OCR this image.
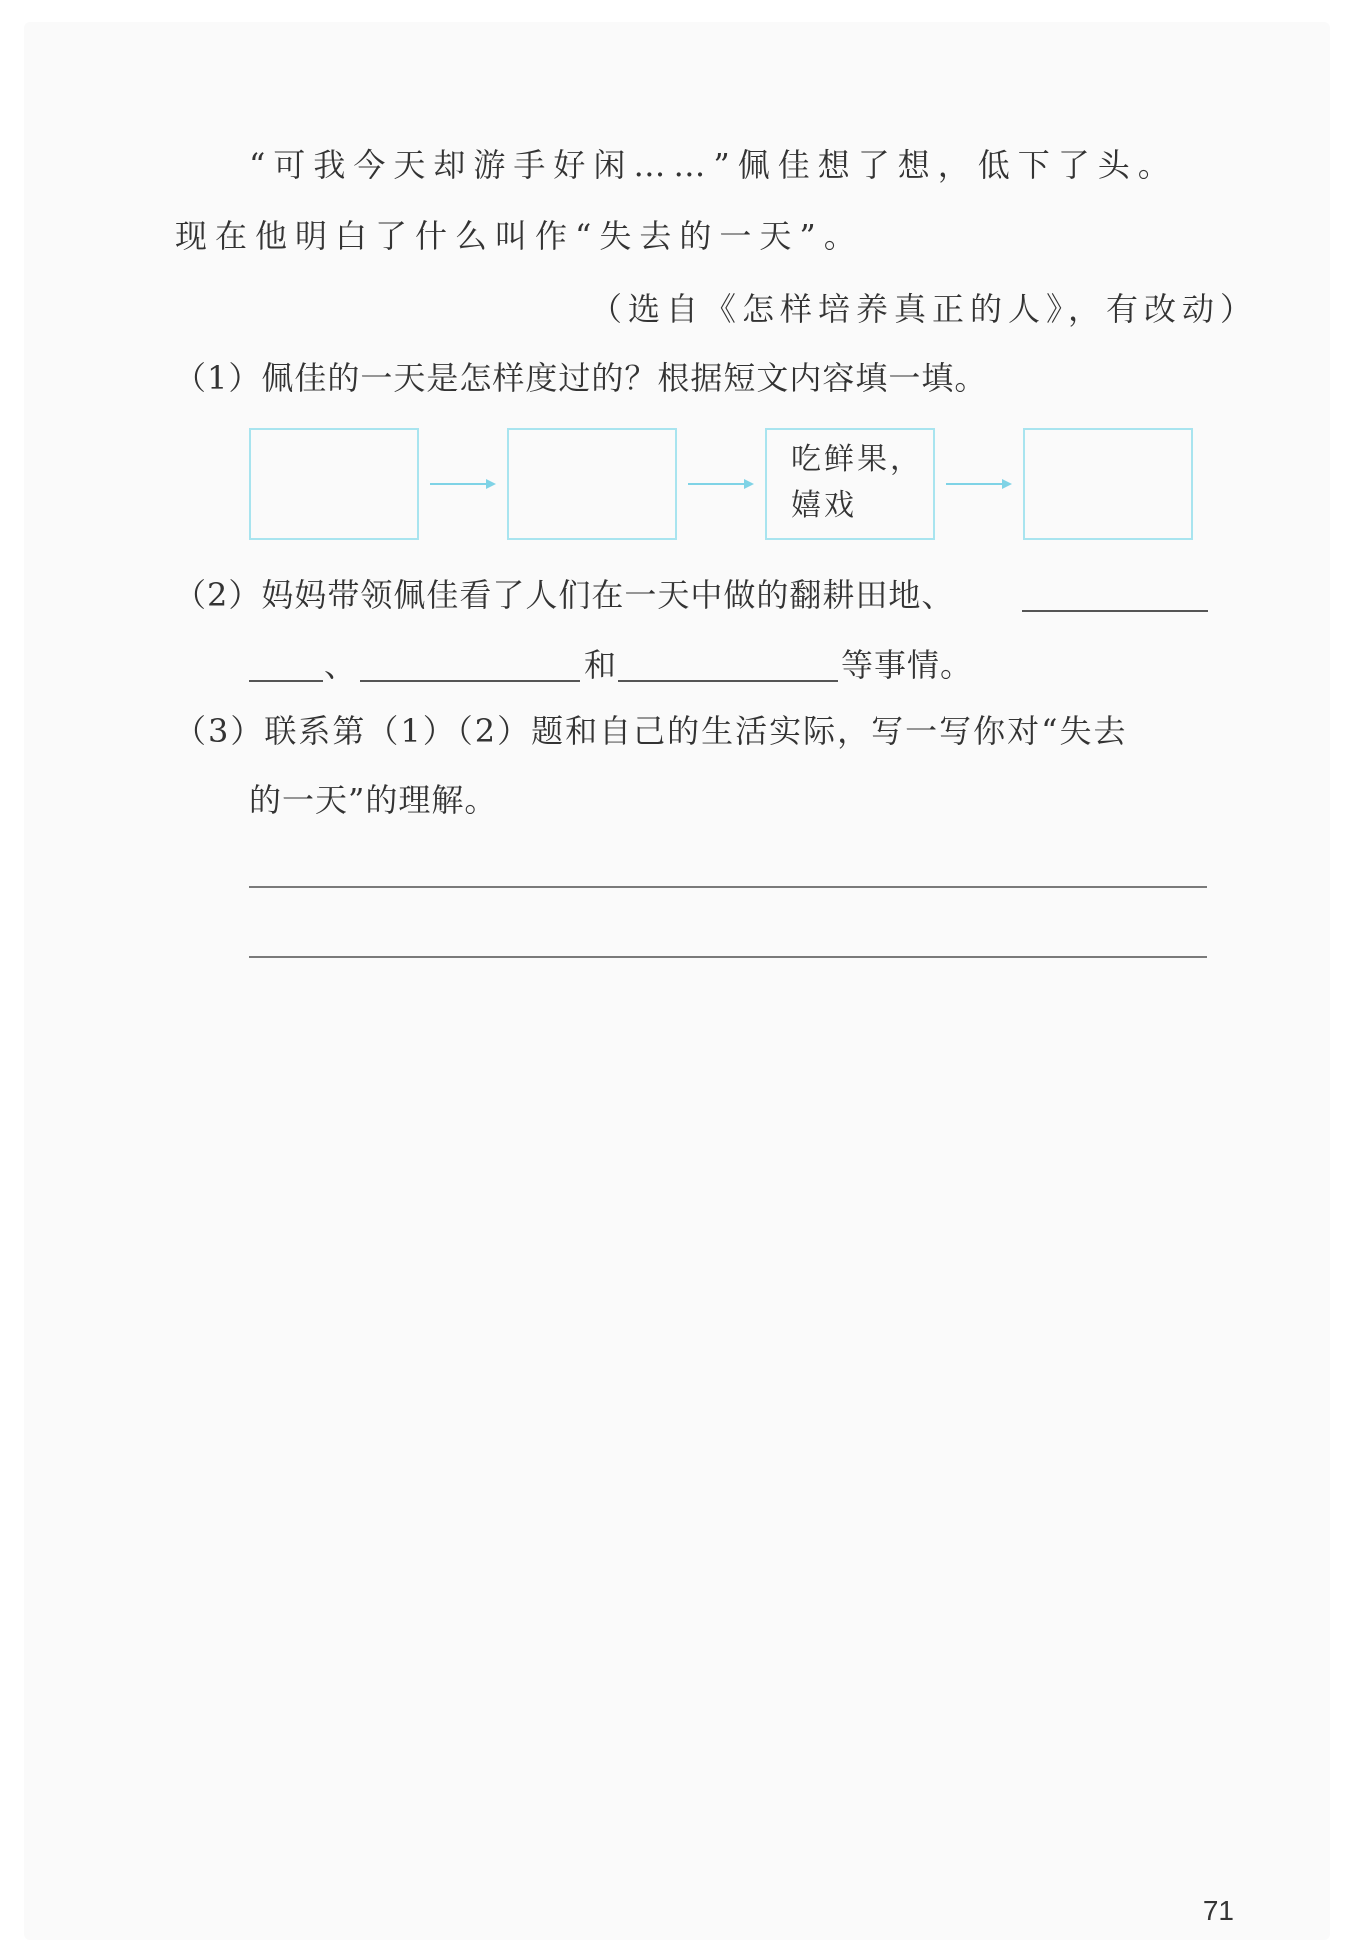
“可我今天却游手好闲……”佩佳想了想，低下了头。
现在他明白了什么叫作“失去的一天”。
（选自《怎样培养真正的人》，有改动）
（1）佩佳的一天是怎样度过的？根据短文内容填一填。
吃鲜果，
嬉戏
（2）妈妈带领佩佳看了人们在一天中做的翻耕田地、
、	和	等事情。
（3）联系第（1）（2）题和自己的生活实际，写一写你对“失去
的一天”的理解。
71
